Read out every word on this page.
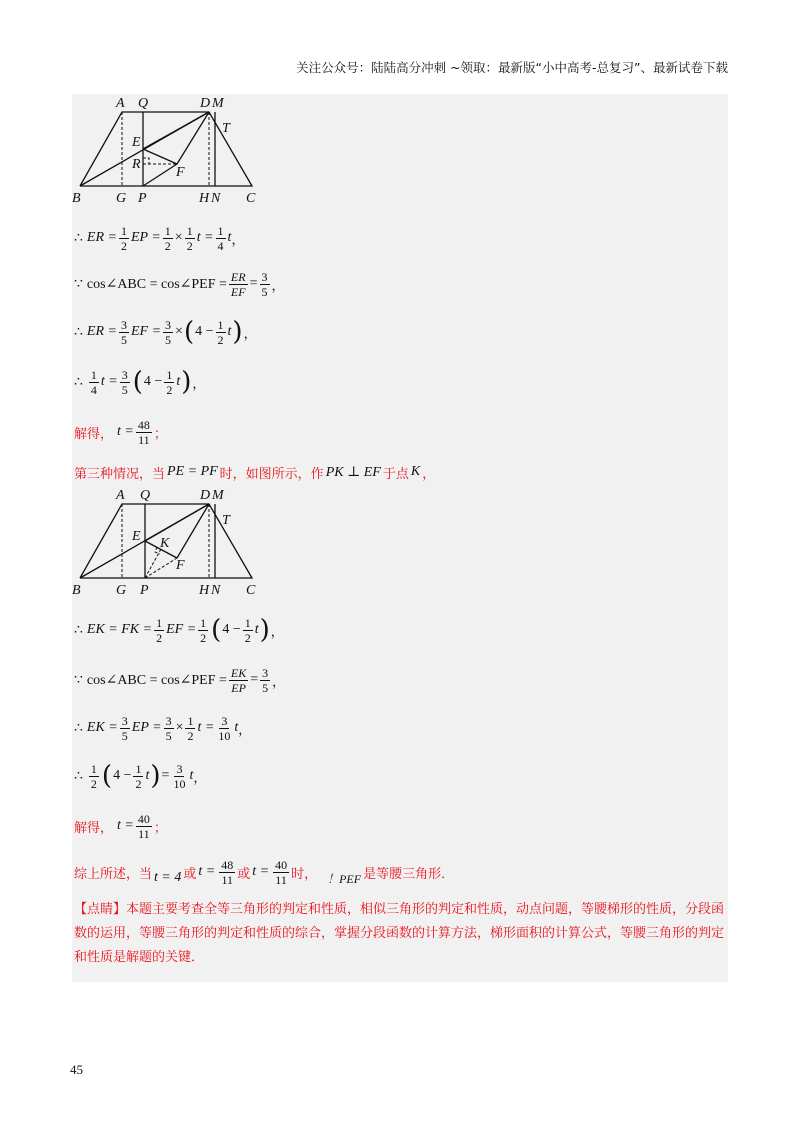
关注公众号：陆陆高分冲刺 ~领取：最新版“小中高考-总复习”、最新试卷下载
A Q	D M
T
E
R
F
B	G P	H N C
∴ ER = $\frac{1}{2}$ EP = $\frac{1}{2} \times \frac{1}{2}$ $t = \frac{1}{4}$ t ，
∵ cos∠ABC = cos∠PEF = $\frac{ER}{EF} = \frac{3}{5}$ ，
∴ ER = $\frac{3}{5}$ EF = $\frac{3}{5}$ × ( $4 - \frac{1}{2}$ t ) ，
∴ $\frac{1}{4}$ $t = \frac{3}{5}$ ( $4 - \frac{1}{2}$ t ) ，
解得， $t = \frac{48}{11}$ ；
第三种情况，当 PE = PF 时，如图所示，作 PK ⊥ EF 于点 K ，
A Q	D M
T
E K
F
B	G P	H N C
∴ EK = FK = $\frac{1}{2}$ EF = $\frac{1}{2}$ ( $4 - \frac{1}{2}$ t ) ，
∵ cos∠ABC = cos∠PEF = $\frac{EK}{EP} = \frac{3}{5}$ ，
∴ EK = $\frac{3}{5}$ EP = $\frac{3}{5} \times \frac{1}{2}$ $t = \frac{3}{10}$ t ，
∴ $\frac{1}{2}$ ( $4 - \frac{1}{2}$ t ) = $\frac{3}{10}$ t ，
解得， $t = \frac{40}{11}$ ；
综上所述，当 t = 4 或 $t = \frac{48}{11}$ 或 $t = \frac{40}{11}$ 时， ！PEF 是等腰三角形．
【点睛】本题主要考查全等三角形的判定和性质，相似三角形的判定和性质，动点问题，等腰梯形的性质，分段函数的运用，等腰三角形的判定和性质的综合，掌握分段函数的计算方法，梯形面积的计算公式，等腰三角形的判定和性质是解题的关键．
45
